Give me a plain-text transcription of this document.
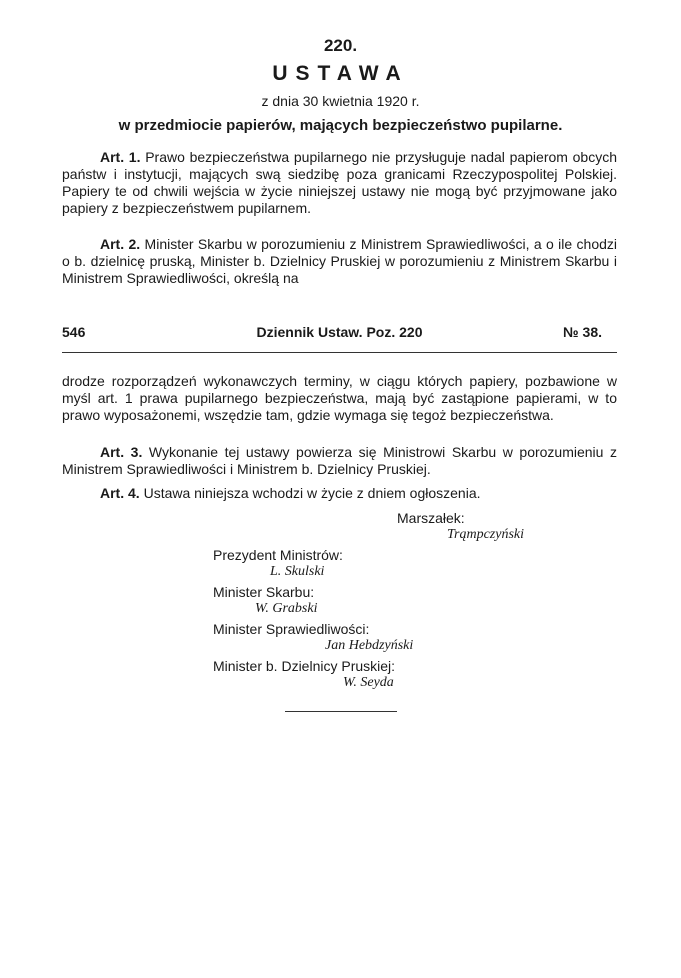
220.
USTAWA
z dnia 30 kwietnia 1920 r.
w przedmiocie papierów, mających bezpieczeństwo pupilarne.
Art. 1. Prawo bezpieczeństwa pupilarnego nie przysługuje nadal papierom obcych państw i instytucji, mających swą siedzibę poza granicami Rzeczypospolitej Polskiej. Papiery te od chwili wejścia w życie niniejszej ustawy nie mogą być przyjmowane jako papiery z bezpieczeństwem pupilarnem.
Art. 2. Minister Skarbu w porozumieniu z Ministrem Sprawiedliwości, a o ile chodzi o b. dzielnicę pruską, Minister b. Dzielnicy Pruskiej w porozumieniu z Ministrem Skarbu i Ministrem Sprawiedliwości, określą na
546	Dziennik Ustaw. Poz. 220	№ 38.
drodze rozporządzeń wykonawczych terminy, w ciągu których papiery, pozbawione w myśl art. 1 prawa pupilarnego bezpieczeństwa, mają być zastąpione papierami, w to prawo wyposażonemi, wszędzie tam, gdzie wymaga się tegoż bezpieczeństwa.
Art. 3. Wykonanie tej ustawy powierza się Ministrowi Skarbu w porozumieniu z Ministrem Sprawiedliwości i Ministrem b. Dzielnicy Pruskiej.
Art. 4. Ustawa niniejsza wchodzi w życie z dniem ogłoszenia.
Marszałek:
Trąmpczyński
Prezydent Ministrów:
L. Skulski
Minister Skarbu:
W. Grabski
Minister Sprawiedliwości:
Jan Hebdzyński
Minister b. Dzielnicy Pruskiej:
W. Seyda
